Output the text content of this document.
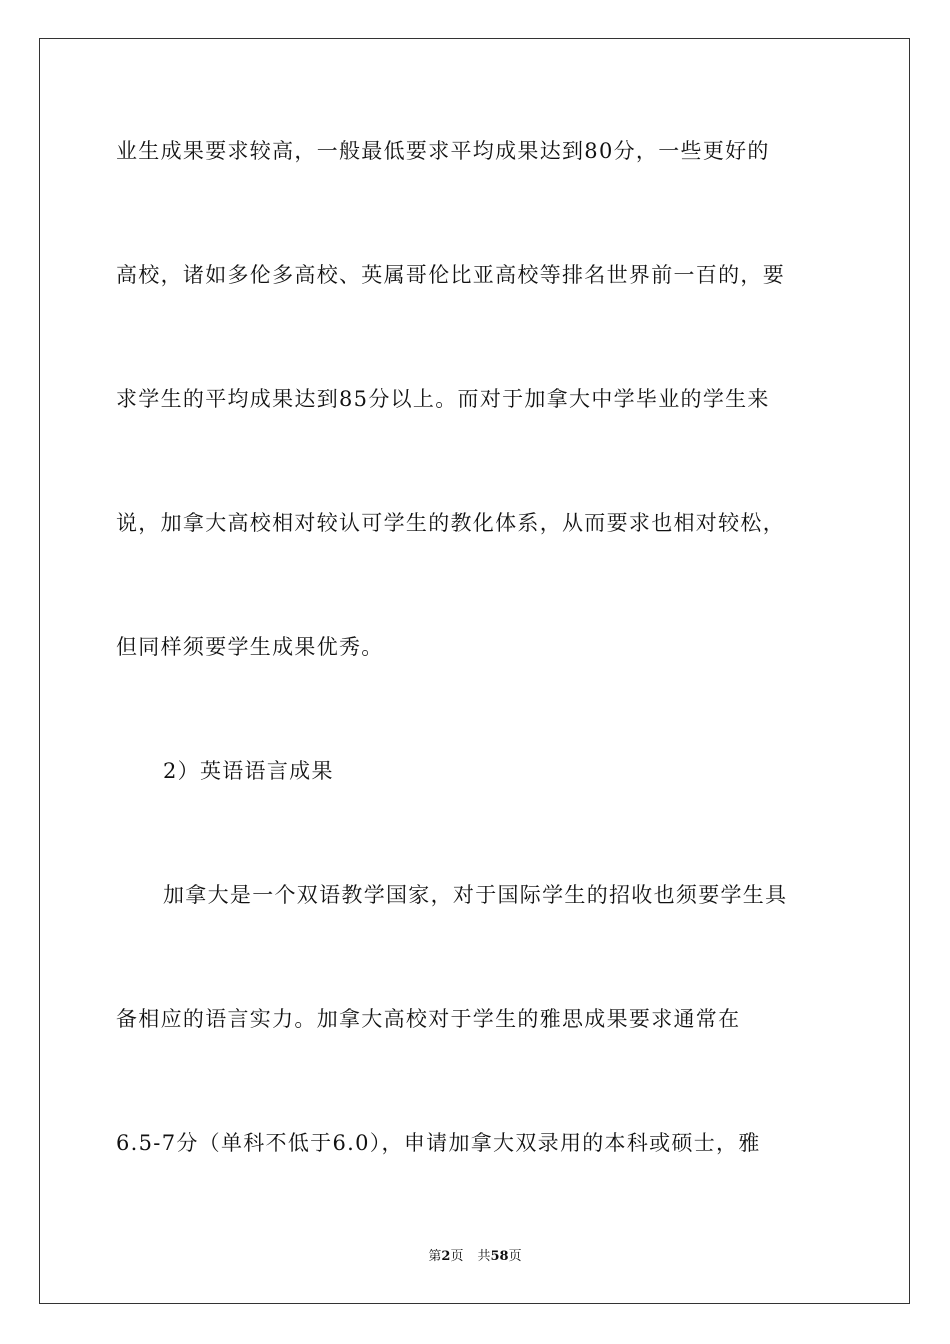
业生成果要求较高，一般最低要求平均成果达到80分，一些更好的
高校，诸如多伦多高校、英属哥伦比亚高校等排名世界前一百的，要
求学生的平均成果达到85分以上。而对于加拿大中学毕业的学生来
说，加拿大高校相对较认可学生的教化体系，从而要求也相对较松，
但同样须要学生成果优秀。
2）英语语言成果
加拿大是一个双语教学国家，对于国际学生的招收也须要学生具
备相应的语言实力。加拿大高校对于学生的雅思成果要求通常在
6.5-7分（单科不低于6.0），申请加拿大双录用的本科或硕士，雅
第2页 共58页
